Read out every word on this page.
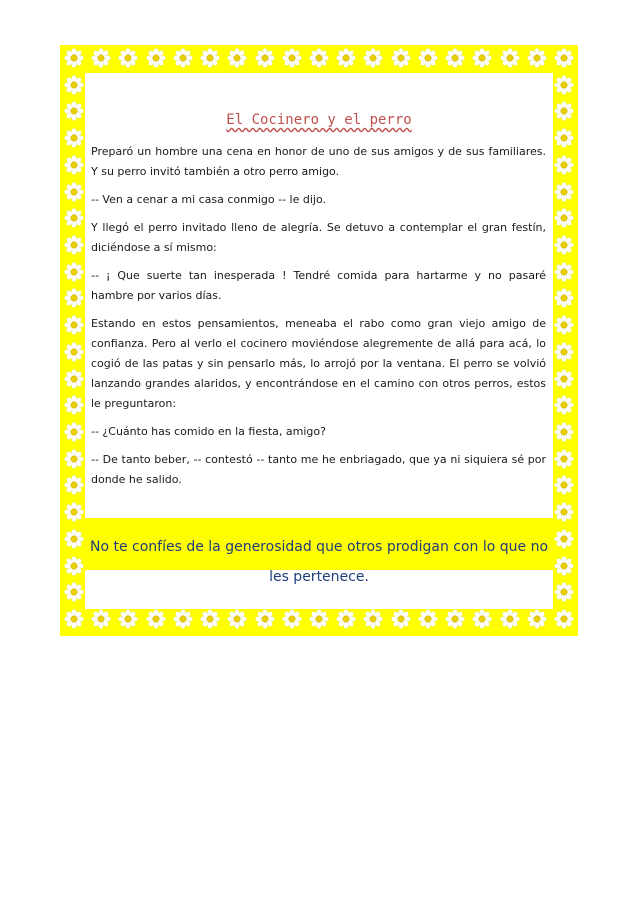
El Cocinero y el perro

Preparó un hombre una cena en honor de uno de sus amigos y de sus familiares. Y su perro invitó también a otro perro amigo.

-- Ven a cenar a mi casa conmigo -- le dijo.

Y llegó el perro invitado lleno de alegría. Se detuvo a contemplar el gran festín, diciéndose a sí mismo:

-- ¡ Que suerte tan inesperada ! Tendré comida para hartarme y no pasaré hambre por varios días.

Estando en estos pensamientos, meneaba el rabo como gran viejo amigo de confianza. Pero al verlo el cocinero moviéndose alegremente de allá para acá, lo cogió de las patas y sin pensarlo más, lo arrojó por la ventana. El perro se volvió lanzando grandes alaridos, y encontrándose en el camino con otros perros, estos le preguntaron:

-- ¿Cuánto has comido en la fiesta, amigo?

-- De tanto beber, -- contestó -- tanto me he enbriagado, que ya ni siquiera sé por donde he salido.

No te confíes de la generosidad que otros prodigan con lo que no les pertenece.
